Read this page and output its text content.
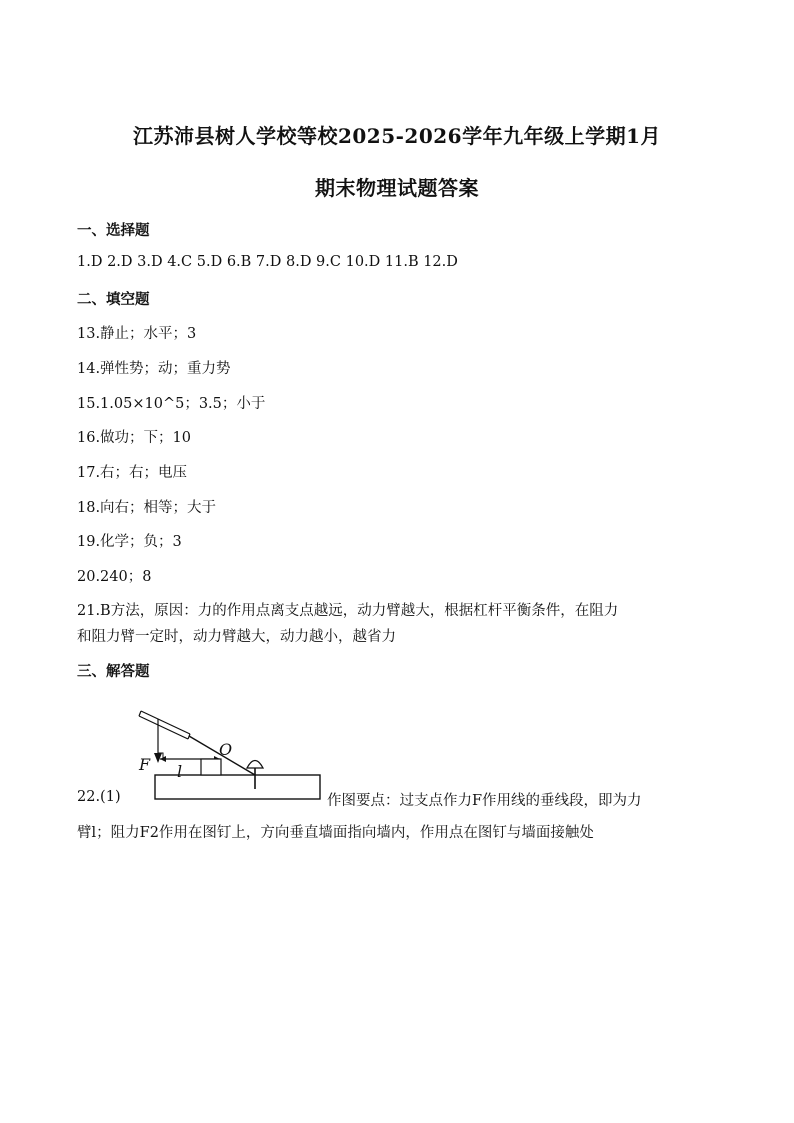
江苏沛县树人学校等校2025-2026学年九年级上学期1月
期末物理试题答案
一、选择题
1.D 2.D 3.D 4.C 5.D 6.B 7.D 8.D 9.C 10.D 11.B 12.D
二、填空题
13.静止；水平；3
14.弹性势；动；重力势
15.1.05×10^5；3.5；小于
16.做功；下；10
17.右；右；电压
18.向右；相等；大于
19.化学；负；3
20.240；8
21.B方法，原因：力的作用点离支点越远，动力臂越大，根据杠杆平衡条件，在阻力
和阻力臂一定时，动力臂越大，动力越小，越省力
三、解答题
22.(1)
O
F l
作图要点：过支点作力F作用线的垂线段，即为力
臂l；阻力F2作用在图钉上，方向垂直墙面指向墙内，作用点在图钉与墙面接触处
